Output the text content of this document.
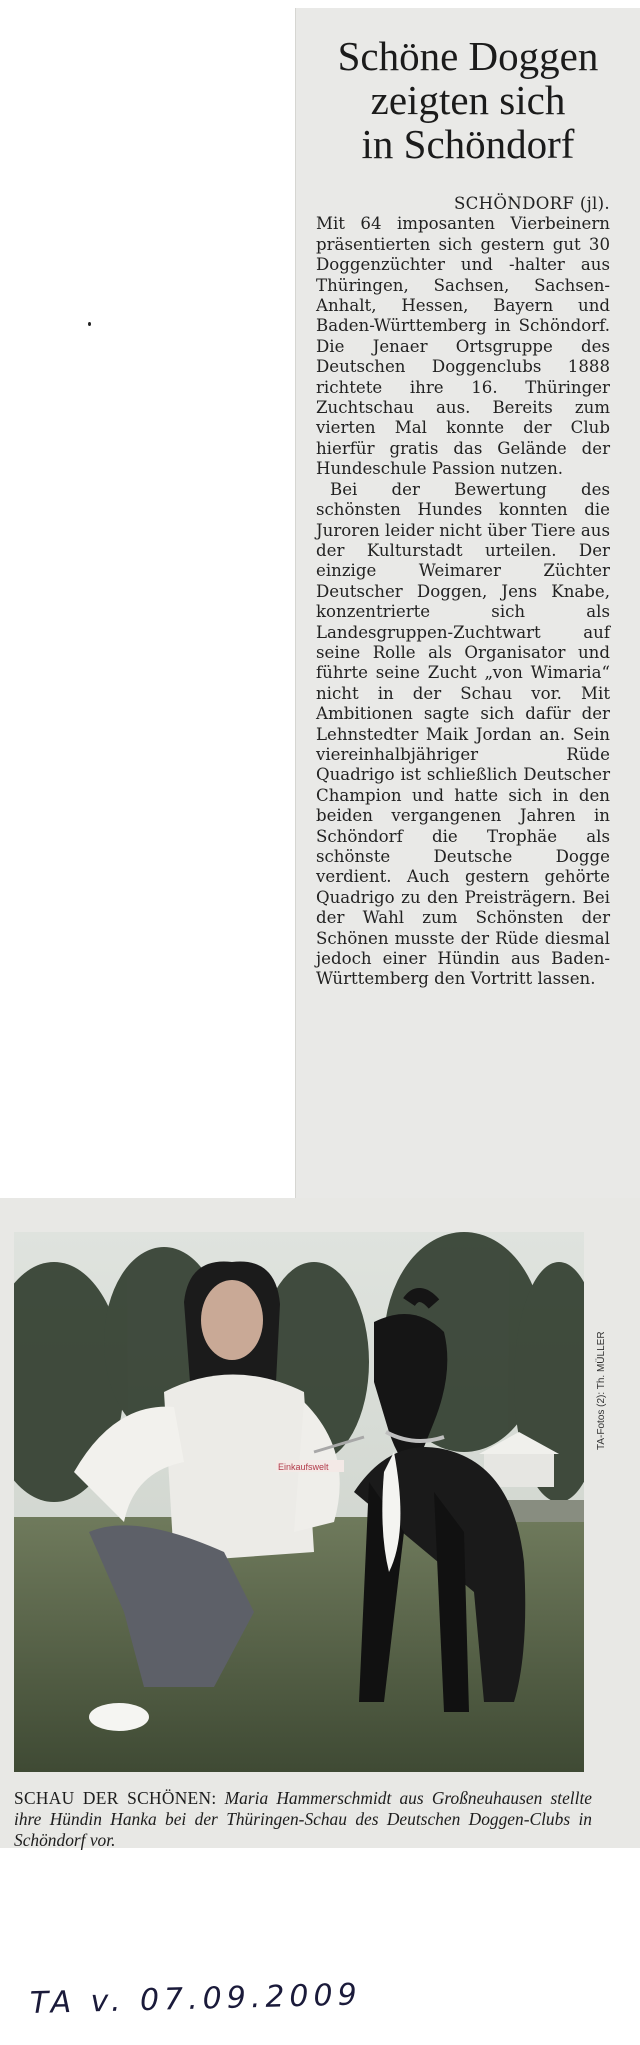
Schöne Doggen
zeigten sich
in Schöndorf
SCHÖNDORF (jl).

Mit 64 imposanten Vierbeinern präsentierten sich gestern gut 30 Doggenzüchter und -halter aus Thüringen, Sachsen, Sachsen-Anhalt, Hessen, Bayern und Baden-Württemberg in Schöndorf. Die Jenaer Ortsgruppe des Deutschen Doggenclubs 1888 richtete ihre 16. Thüringer Zuchtschau aus. Bereits zum vierten Mal konnte der Club hierfür gratis das Gelände der Hundeschule Passion nutzen.

Bei der Bewertung des schönsten Hundes konnten die Juroren leider nicht über Tiere aus der Kulturstadt urteilen. Der einzige Weimarer Züchter Deutscher Doggen, Jens Knabe, konzentrierte sich als Landesgruppen-Zuchtwart auf seine Rolle als Organisator und führte seine Zucht „von Wimaria“ nicht in der Schau vor. Mit Ambitionen sagte sich dafür der Lehnstedter Maik Jordan an. Sein viereinhalbjähriger Rüde Quadrigo ist schließlich Deutscher Champion und hatte sich in den beiden vergangenen Jahren in Schöndorf die Trophäe als schönste Deutsche Dogge verdient. Auch gestern gehörte Quadrigo zu den Preisträgern. Bei der Wahl zum Schönsten der Schönen musste der Rüde diesmal jedoch einer Hündin aus Baden-Württemberg den Vortritt lassen.

Einkaufswelt
TA-Fotos (2): Th. MÜLLER

SCHAU DER SCHÖNEN: Maria Hammerschmidt aus Großneuhausen stellte ihre Hündin Hanka bei der Thüringen-Schau des Deutschen Doggen-Clubs in Schöndorf vor.

TA v. 07.09.2009
